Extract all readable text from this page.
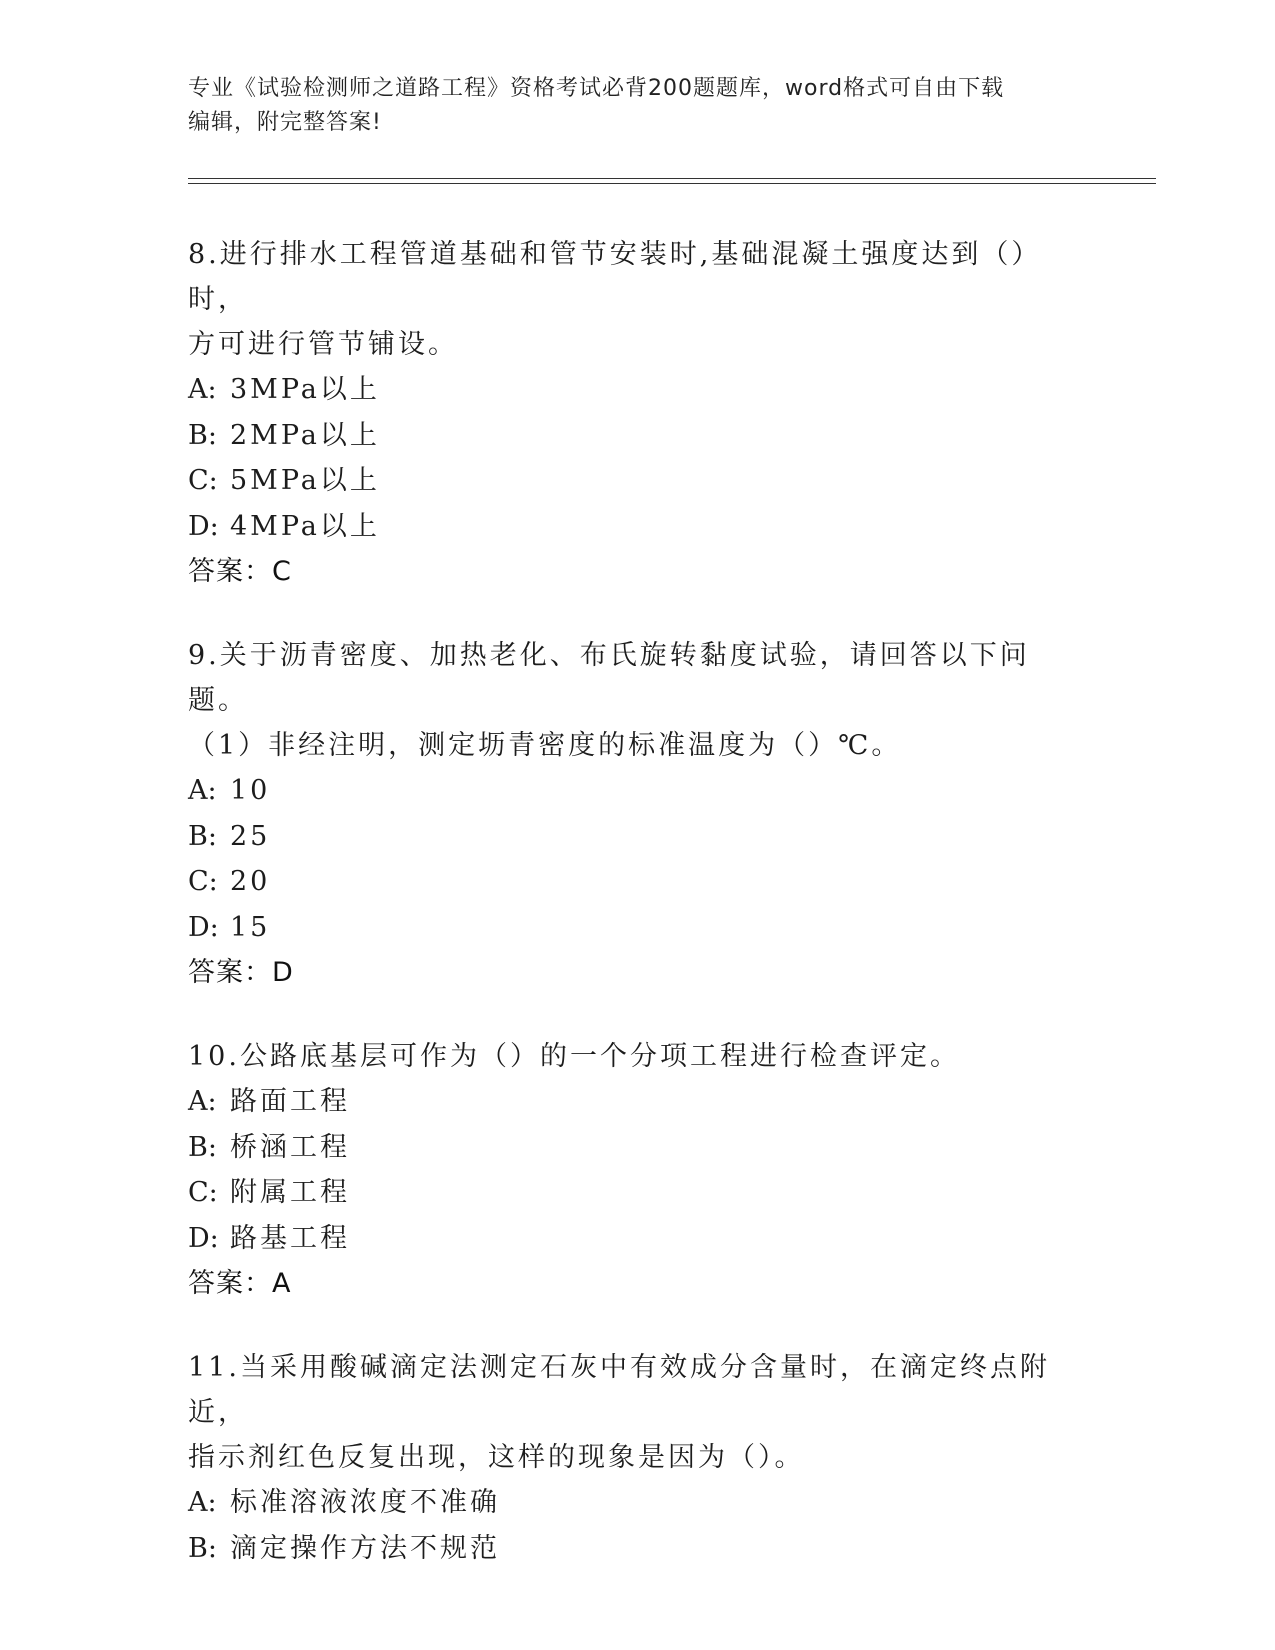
专业《试验检测师之道路工程》资格考试必背200题题库，word格式可自由下载
编辑，附完整答案!
8.进行排水工程管道基础和管节安装时,基础混凝土强度达到（）时，
方可进行管节铺设。
A: 3MPa以上
B: 2MPa以上
C: 5MPa以上
D: 4MPa以上
答案：C
9.关于沥青密度、加热老化、布氏旋转黏度试验，请回答以下问题。
（1）非经注明，测定坜青密度的标准温度为（）℃。
A: 10
B: 25
C: 20
D: 15
答案：D
10.公路底基层可作为（）的一个分项工程进行检查评定。
A: 路面工程
B: 桥涵工程
C: 附属工程
D: 路基工程
答案：A
11.当采用酸碱滴定法测定石灰中有效成分含量时，在滴定终点附近，
指示剂红色反复出现，这样的现象是因为（）。
A: 标准溶液浓度不准确
B: 滴定操作方法不规范
